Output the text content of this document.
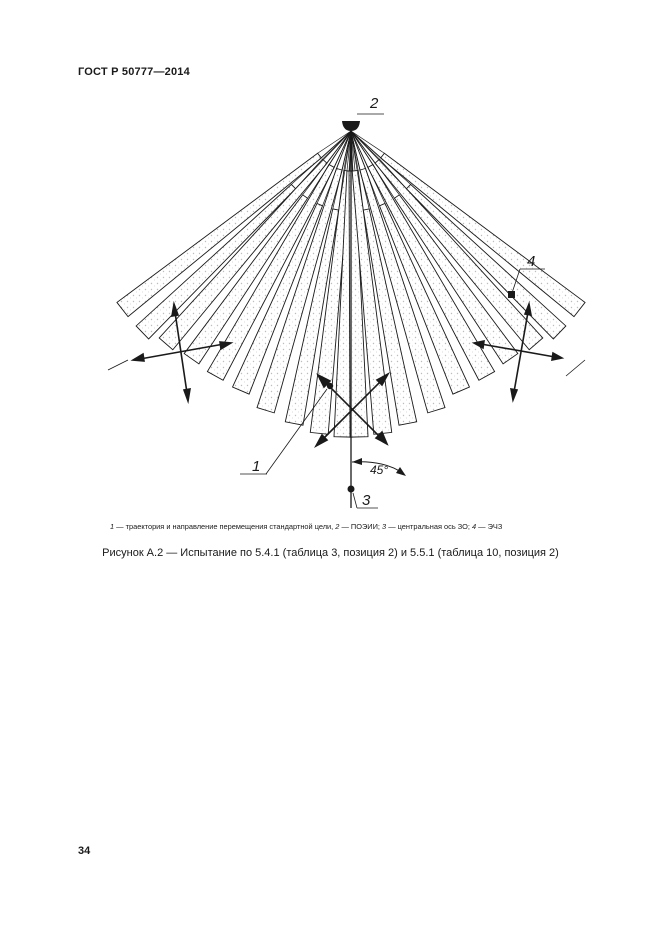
ГОСТ Р 50777—2014
2
1
4
45°
3
1 — траектория и направление перемещения стандартной цели, 2 — ПОЭИИ; 3 — центральная ось ЗО; 4 — ЭЧЗ
Рисунок А.2 — Испытание по 5.4.1 (таблица 3, позиция 2) и 5.5.1 (таблица 10, позиция 2)
34
